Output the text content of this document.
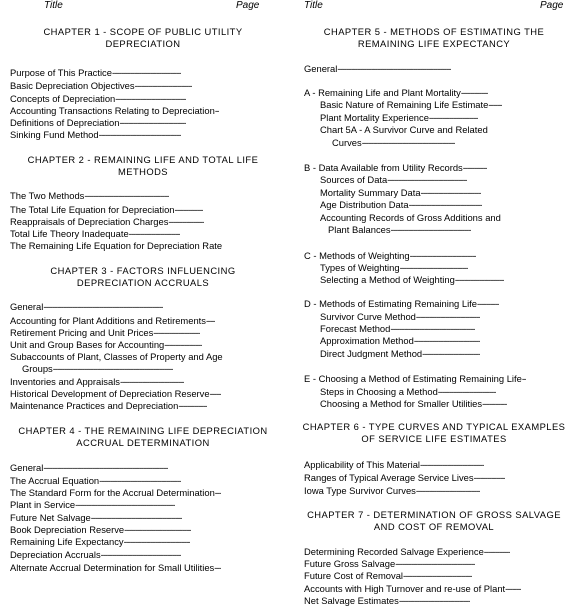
Title	Page
CHAPTER 1 - SCOPE OF PUBLIC UTILITY
DEPRECIATION
Purpose of This Practice-------------------------------
Basic Depreciation Objectives--------------------------
Concepts of Depreciation--------------------------------
Accounting Transactions Relating to Depreciation--
Definitions of Depreciation------------------------------
Sinking Fund Method-------------------------------------
CHAPTER 2 - REMAINING LIFE AND TOTAL LIFE
METHODS
The Two Methods--------------------------------------
The Total Life Equation for Depreciation-------------
Reappraisals of Depreciation Charges----------------
Total Life Theory Inadequate-----------------------
The Remaining Life Equation for Depreciation Rate
CHAPTER 3 - FACTORS INFLUENCING
DEPRECIATION ACCRUALS
General------------------------------------------------------
Accounting for Plant Additions and Retirements----
Retirement Pricing and Unit Prices---------------------
Unit and Group Bases for Accounting-----------------
Subaccounts of Plant, Classes of Property and Age
Groups------------------------------------------------------
Inventories and Appraisals-----------------------------
Historical Development of Depreciation Reserve-----
Maintenance Practices and Depreciation-------------
CHAPTER 4 - THE REMAINING LIFE DEPRECIATION
ACCRUAL DETERMINATION
General--------------------------------------------------------
The Accrual Equation-------------------------------------
The Standard Form for the Accrual Determination---
Plant in Service---------------------------------------------
Future Net Salvage-----------------------------------------
Book Depreciation Reserve------------------------------
Remaining Life Expectancy------------------------------
Depreciation Accruals------------------------------------
Alternate Accrual Determination for Small Utilities---
Title	Page
CHAPTER 5 - METHODS OF ESTIMATING THE
REMAINING LIFE EXPECTANCY
General---------------------------------------------------
A - Remaining Life and Plant Mortality------------
Basic Nature of Remaining Life Estimate------
Plant Mortality Experience----------------------
Chart 5A - A Survivor Curve and Related
Curves------------------------------------------
B - Data Available from Utility Records-----------
Sources of Data------------------------------------
Mortality Summary Data---------------------------
Age Distribution Data---------------------------------
Accounting Records of Gross Additions and
Plant Balances------------------------------------
C - Methods of Weighting------------------------------
Types of Weighting-------------------------------
Selecting a Method of Weighting----------------------
D - Methods of Estimating Remaining Life----------
Survivor Curve Method-----------------------------
Forecast Method--------------------------------------
Approximation Method------------------------------
Direct Judgment Method--------------------------
E - Choosing a Method of Estimating Remaining Life--
Steps in Choosing a Method--------------------------
Choosing a Method for Smaller Utilities-----------
CHAPTER 6 - TYPE CURVES AND TYPICAL EXAMPLES
OF SERVICE LIFE ESTIMATES
Applicability of This Material-----------------------------
Ranges of Typical Average Service Lives--------------
Iowa Type Survivor Curves-----------------------------
CHAPTER 7 - DETERMINATION OF GROSS SALVAGE
AND COST OF REMOVAL
Determining Recorded Salvage Experience------------
Future Gross Salvage------------------------------------
Future Cost of Removal-------------------------------
Accounts with High Turnover and re-use of Plant-------
Net Salvage Estimates--------------------------------
